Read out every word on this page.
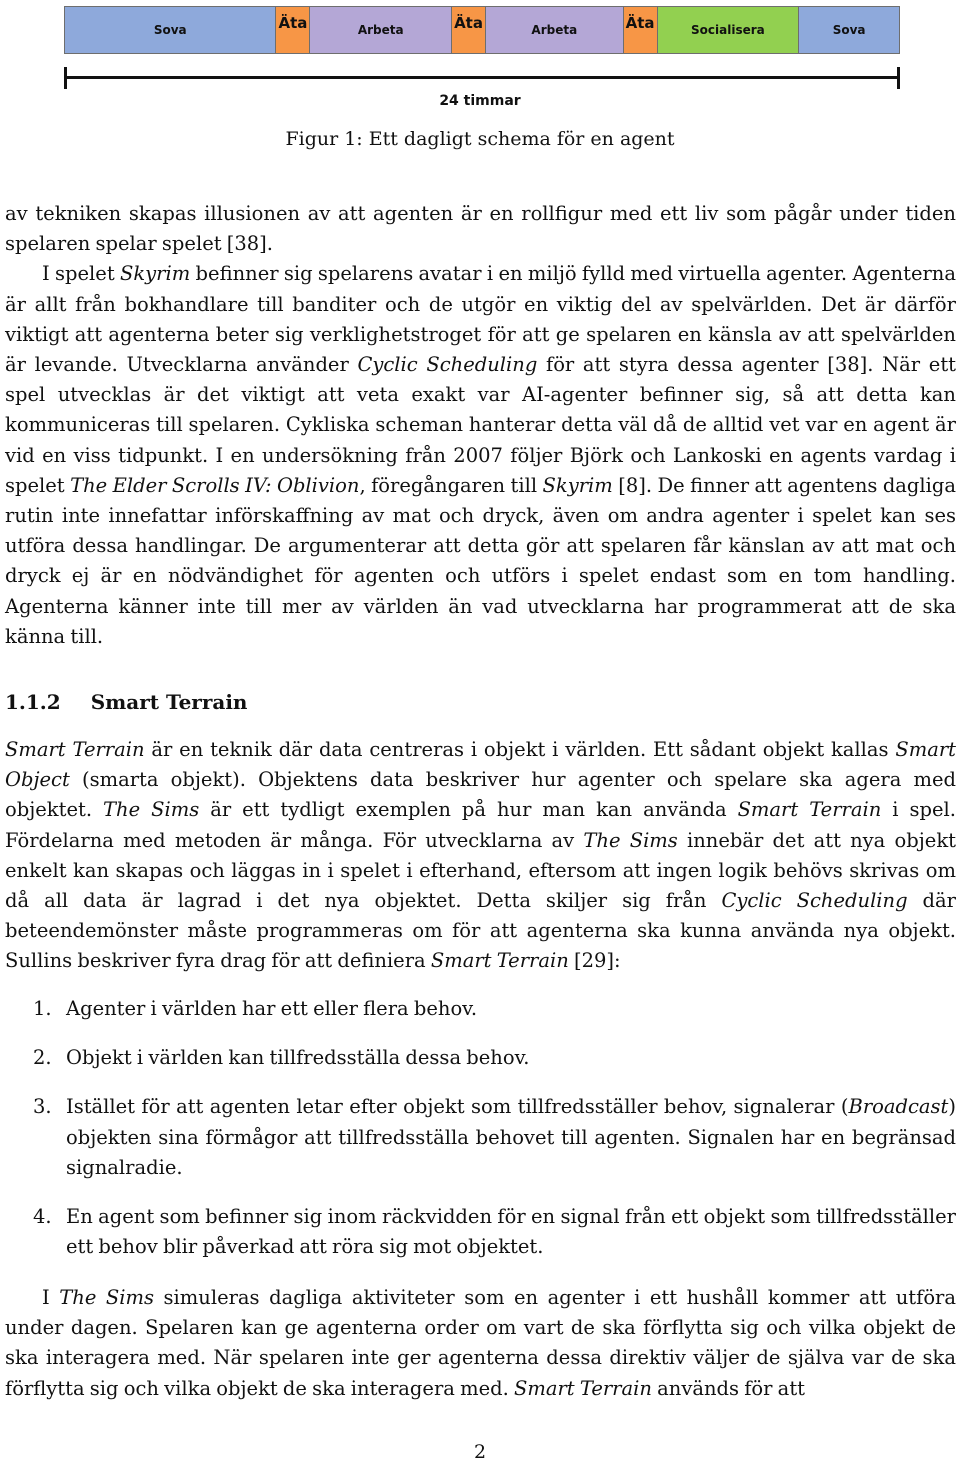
Sova	Äta	Arbeta	Äta	Arbeta	Äta	Socialisera	Sova
24 timmar
Figur 1: Ett dagligt schema för en agent

av tekniken skapas illusionen av att agenten är en rollfigur med ett liv som pågår under tiden spelaren spelar spelet [38].

I spelet Skyrim befinner sig spelarens avatar i en miljö fylld med virtuella agenter. Agenterna är allt från bokhandlare till banditer och de utgör en viktig del av spelvärlden. Det är därför viktigt att agenterna beter sig verklighetstroget för att ge spelaren en känsla av att spelvärlden är levande. Utvecklarna använder Cyclic Scheduling för att styra dessa agenter [38]. När ett spel utvecklas är det viktigt att veta exakt var AI-agenter befinner sig, så att detta kan kommuniceras till spelaren. Cykliska scheman hanterar detta väl då de alltid vet var en agent är vid en viss tidpunkt. I en undersökning från 2007 följer Björk och Lankoski en agents vardag i spelet The Elder Scrolls IV: Oblivion, föregångaren till Skyrim [8]. De finner att agentens dagliga rutin inte innefattar införskaffning av mat och dryck, även om andra agenter i spelet kan ses utföra dessa handlingar. De argumenterar att detta gör att spelaren får känslan av att mat och dryck ej är en nödvändighet för agenten och utförs i spelet endast som en tom handling. Agenterna känner inte till mer av världen än vad utvecklarna har programmerat att de ska känna till.

1.1.2 Smart Terrain

Smart Terrain är en teknik där data centreras i objekt i världen. Ett sådant objekt kallas Smart Object (smarta objekt). Objektens data beskriver hur agenter och spelare ska agera med objektet. The Sims är ett tydligt exemplen på hur man kan använda Smart Terrain i spel. Fördelarna med metoden är många. För utvecklarna av The Sims innebär det att nya objekt enkelt kan skapas och läggas in i spelet i efterhand, eftersom att ingen logik behövs skrivas om då all data är lagrad i det nya objektet. Detta skiljer sig från Cyclic Scheduling där beteendemönster måste programmeras om för att agenterna ska kunna använda nya objekt. Sullins beskriver fyra drag för att definiera Smart Terrain [29]:

1. Agenter i världen har ett eller flera behov.
2. Objekt i världen kan tillfredsställa dessa behov.
3. Istället för att agenten letar efter objekt som tillfredsställer behov, signalerar (Broadcast) objekten sina förmågor att tillfredsställa behovet till agenten. Signalen har en begränsad signalradie.
4. En agent som befinner sig inom räckvidden för en signal från ett objekt som tillfredsställer ett behov blir påverkad att röra sig mot objektet.

I The Sims simuleras dagliga aktiviteter som en agenter i ett hushåll kommer att utföra under dagen. Spelaren kan ge agenterna order om vart de ska förflytta sig och vilka objekt de ska interagera med. När spelaren inte ger agenterna dessa direktiv väljer de själva var de ska förflytta sig och vilka objekt de ska interagera med. Smart Terrain används för att

2
